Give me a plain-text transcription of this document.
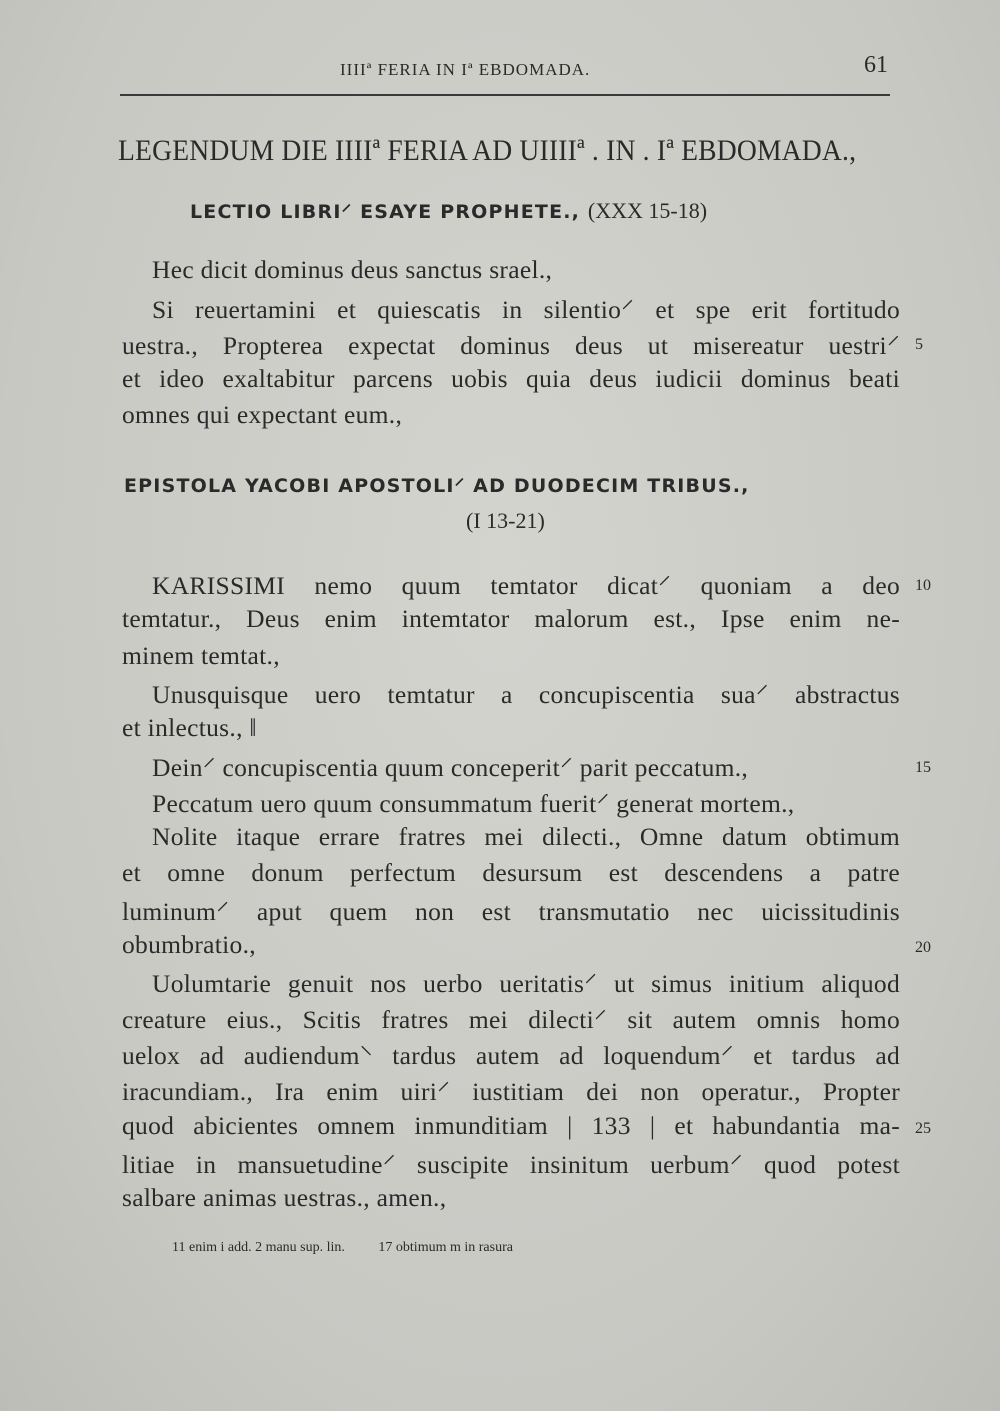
IIIIª FERIA IN Iª EBDOMADA.	61
LEGENDUM DIE IIIIª FERIA AD UIIIIª . IN . Iª EBDOMADA.,
LECTIO LIBRI⸍ ESAYE PROPHETE., (XXX 15-18)
Hec dicit dominus deus sanctus srael.,
Si reuertamini et quiescatis in silentio⸍ et spe erit fortitudo
uestra., Propterea expectat dominus deus ut misereatur uestri⸍
et ideo exaltabitur parcens uobis quia deus iudicii dominus beati
omnes qui expectant eum.,
EPISTOLA YACOBI APOSTOLI⸍ AD DUODECIM TRIBUS.,
(I 13-21)
KARISSIMI nemo quum temtator dicat⸍ quoniam a deo
temtatur., Deus enim intemtator malorum est., Ipse enim ne-
minem temtat.,
Unusquisque uero temtatur a concupiscentia sua⸍ abstractus
et inlectus., ‖
Dein⸍ concupiscentia quum conceperit⸍ parit peccatum.,
Peccatum uero quum consummatum fuerit⸍ generat mortem.,
Nolite itaque errare fratres mei dilecti., Omne datum obtimum
et omne donum perfectum desursum est descendens a patre
luminum⸍ aput quem non est transmutatio nec uicissitudinis
obumbratio.,
Uolumtarie genuit nos uerbo ueritatis⸍ ut simus initium aliquod
creature eius., Scitis fratres mei dilecti⸍ sit autem omnis homo
uelox ad audiendum⸌ tardus autem ad loquendum⸍ et tardus ad
iracundiam., Ira enim uiri⸍ iustitiam dei non operatur., Propter
quod abicientes omnem inmunditiam | 133 | et habundantia ma-
litiae in mansuetudine⸍ suscipite insinitum uerbum⸍ quod potest
salbare animas uestras., amen.,
5
10
15
20
25
11 enim i add. 2 manu sup. lin. 17 obtimum m in rasura
